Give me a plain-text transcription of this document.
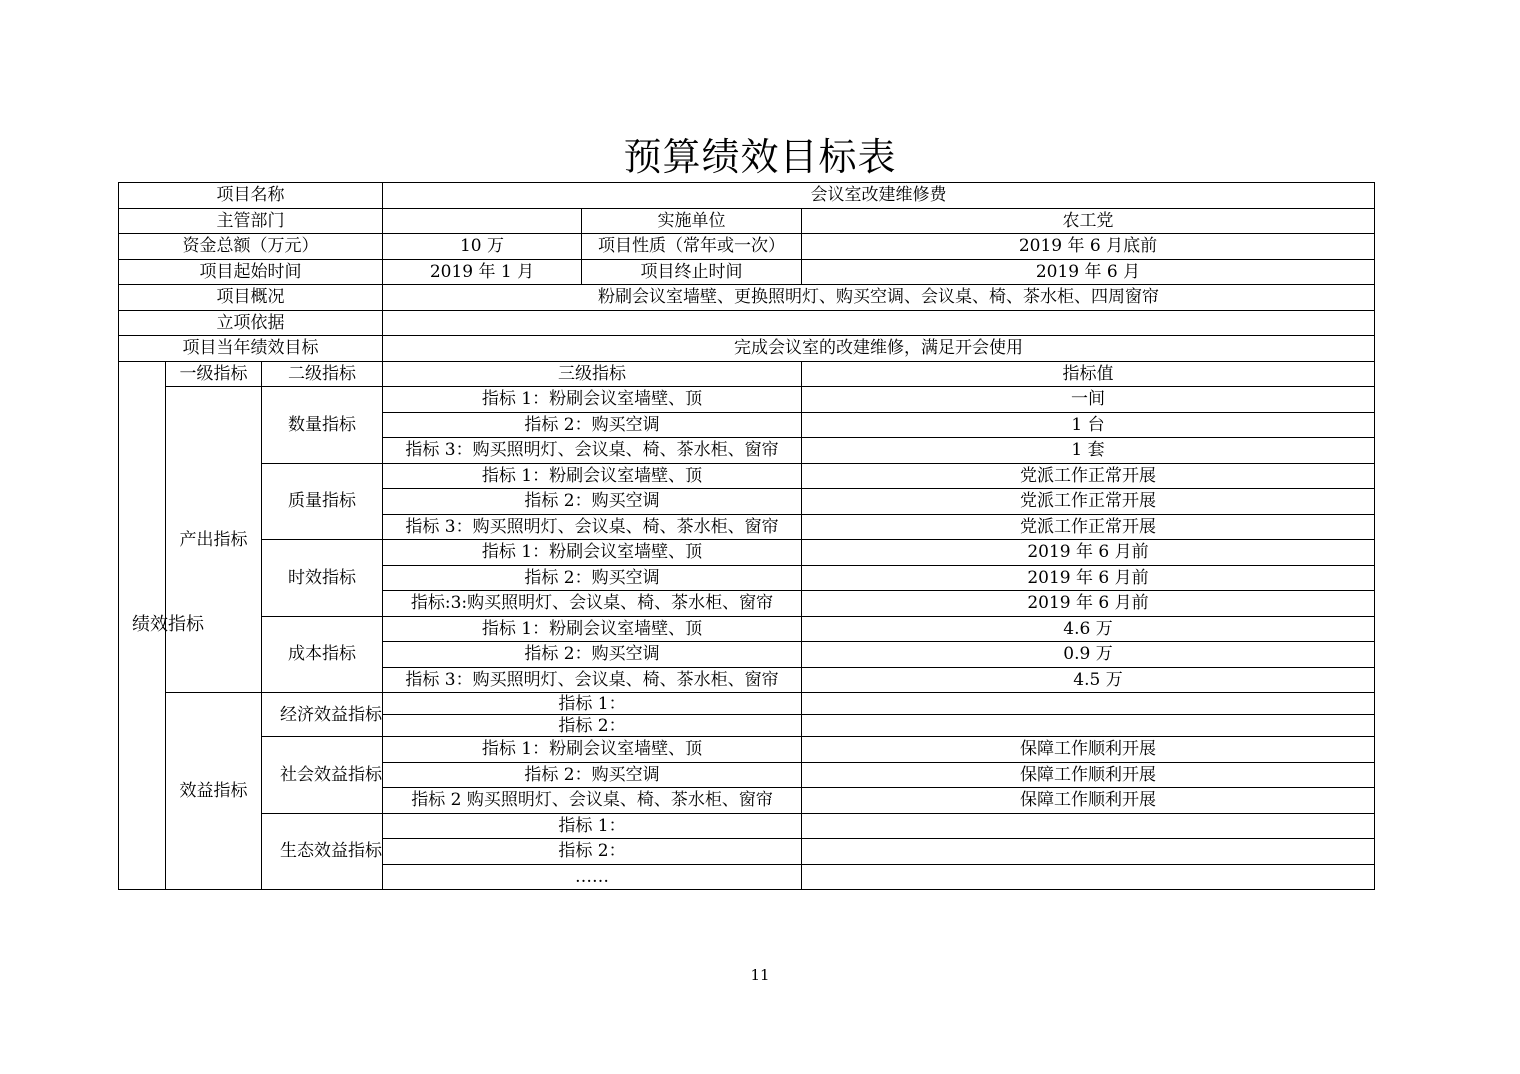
预算绩效目标表
项目名称			会议室改建维修费		
主管部门				实施单位	农工党
资金总额（万元）			10 万	项目性质（常年或一次）	2019 年 6 月底前
项目起始时间			2019 年 1 月	项目终止时间	2019 年 6 月
项目概况			粉刷会议室墙壁、更换照明灯、购买空调、会议桌、椅、茶水柜、四周窗帘		
立项依据					
项目当年绩效目标			完成会议室的改建维修，满足开会使用		

绩效指标	一级指标	二级指标	三级指标		指标值
	产出指标	数量指标	指标 1：粉刷会议室墙壁、顶		一间
			指标 2：购买空调		1 台
			指标 3：购买照明灯、会议桌、椅、茶水柜、窗帘		1 套
		质量指标	指标 1：粉刷会议室墙壁、顶		党派工作正常开展
			指标 2：购买空调		党派工作正常开展
			指标 3：购买照明灯、会议桌、椅、茶水柜、窗帘		党派工作正常开展
		时效指标	指标 1：粉刷会议室墙壁、顶		2019 年 6 月前
			指标 2：购买空调		2019 年 6 月前
			指标:3:购买照明灯、会议桌、椅、茶水柜、窗帘		2019 年 6 月前
		成本指标	指标 1：粉刷会议室墙壁、顶		4.6 万
			指标 2：购买空调		0.9 万
			指标 3：购买照明灯、会议桌、椅、茶水柜、窗帘		4.5 万
	效益指标	经济效益指标	指标 1：		
			指标 2：		
		社会效益指标	指标 1：粉刷会议室墙壁、顶		保障工作顺利开展
			指标 2：购买空调		保障工作顺利开展
			指标 2 购买照明灯、会议桌、椅、茶水柜、窗帘		保障工作顺利开展
		生态效益指标	指标 1：		
			指标 2：		
			……		
11
